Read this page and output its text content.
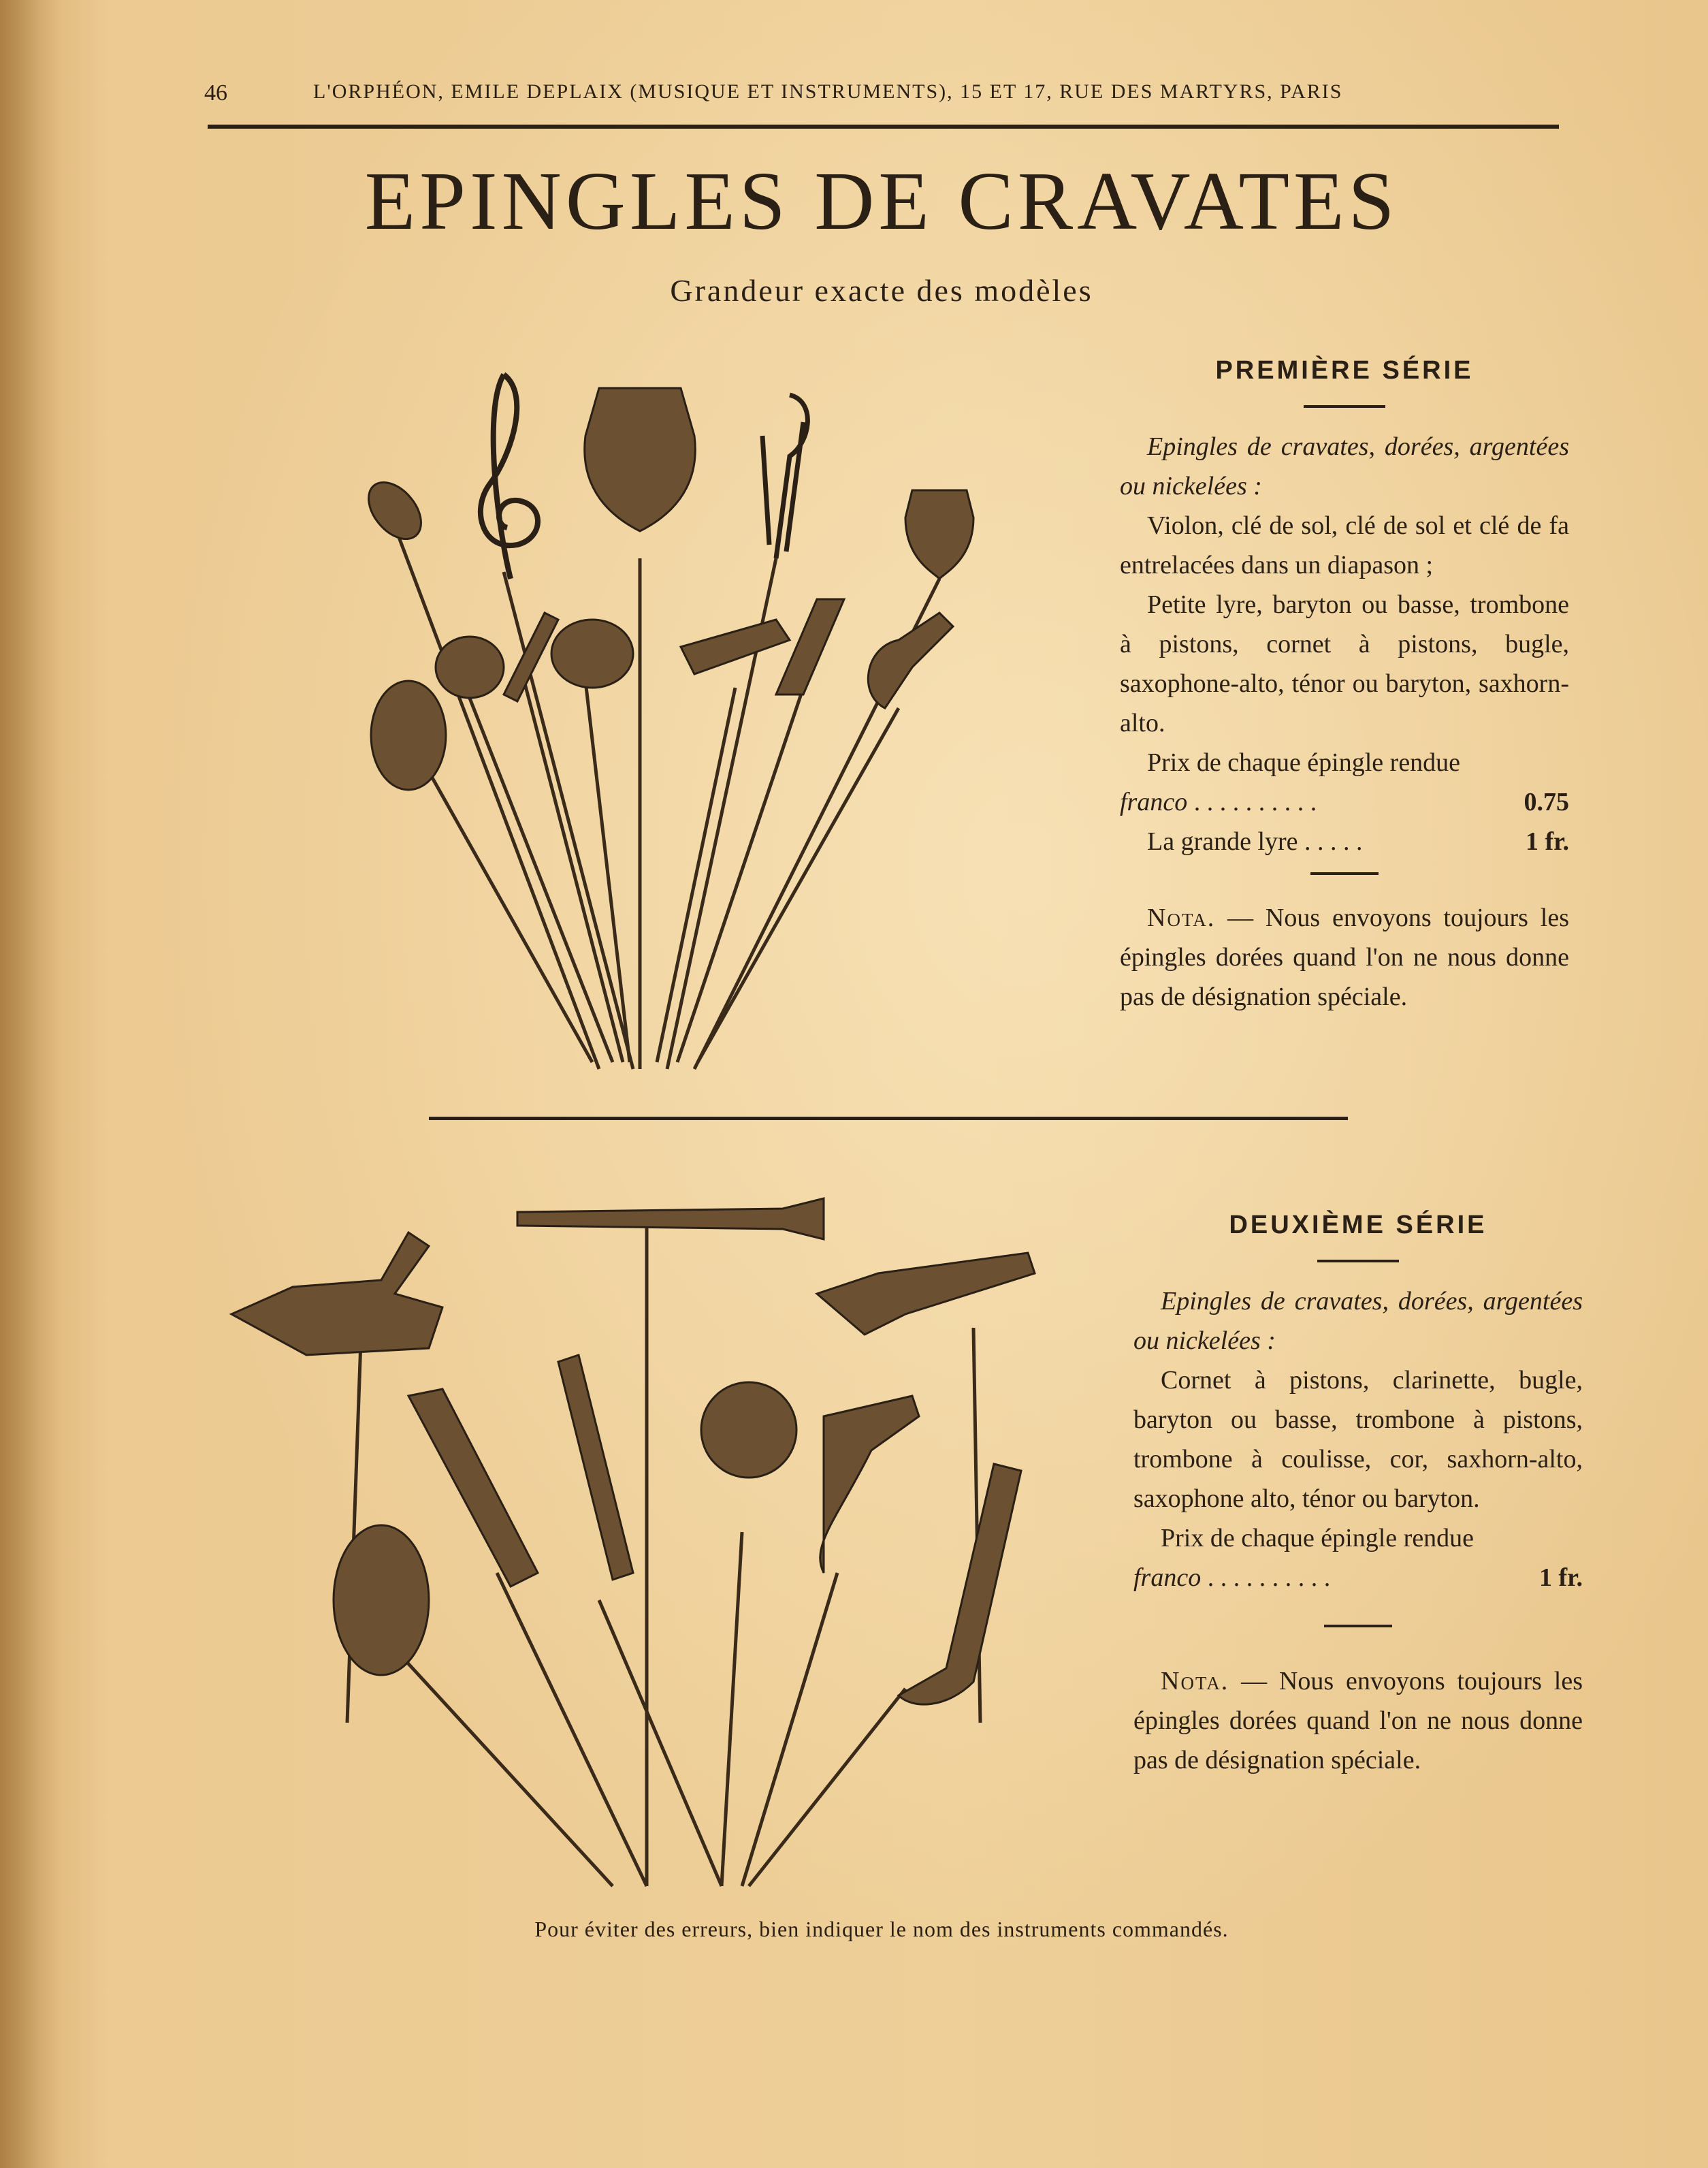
46	L'ORPHÉON, EMILE DEPLAIX (MUSIQUE ET INSTRUMENTS), 15 ET 17, RUE DES MARTYRS, PARIS
EPINGLES DE CRAVATES
Grandeur exacte des modèles
PREMIÈRE SÉRIE

Epingles de cravates, dorées, argentées ou nickelées :

Violon, clé de sol, clé de sol et clé de fa entrelacées dans un diapason ;

Petite lyre, baryton ou basse, trombone à pistons, cornet à pistons, bugle, saxophone-alto, ténor ou baryton, saxhorn-alto.

Prix de chaque épingle rendue

franco . . . . . . . . . .	0.75
La grande lyre . . . . .	1 fr.

Nota. — Nous envoyons toujours les épingles dorées quand l'on ne nous donne pas de désignation spéciale.

DEUXIÈME SÉRIE

Epingles de cravates, dorées, argentées ou nickelées :

Cornet à pistons, clarinette, bugle, baryton ou basse, trombone à pistons, trombone à coulisse, cor, saxhorn-alto, saxophone alto, ténor ou baryton.

Prix de chaque épingle rendue

franco . . . . . . . . . .	1 fr.

Nota. — Nous envoyons toujours les épingles dorées quand l'on ne nous donne pas de désignation spéciale.

Pour éviter des erreurs, bien indiquer le nom des instruments commandés.
